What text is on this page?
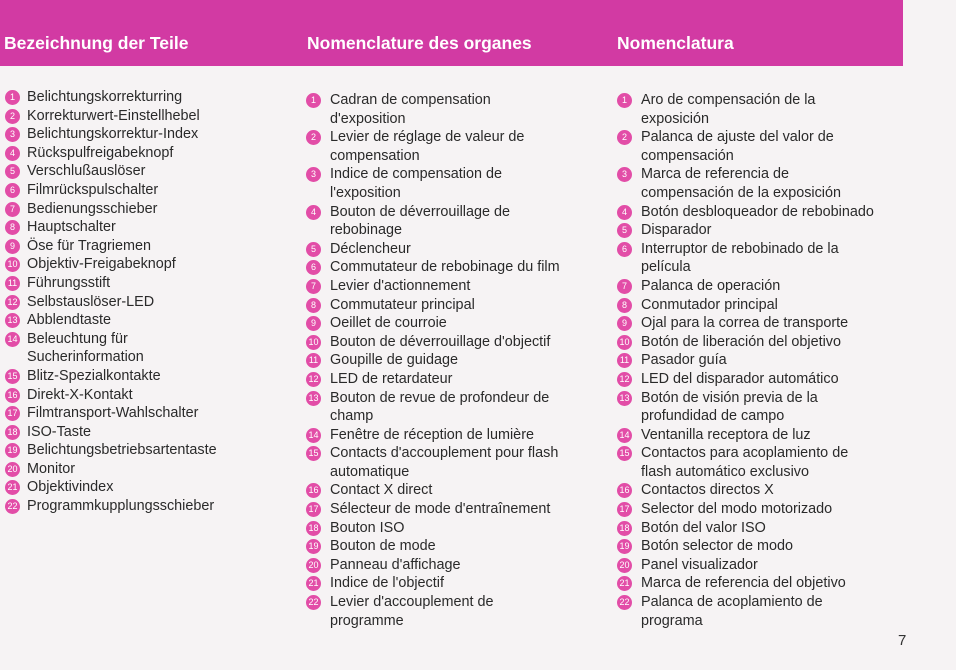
Bezeichnung der Teile	Nomenclature des organes	Nomenclatura
1 Belichtungskorrekturring
2 Korrekturwert-Einstellhebel
3 Belichtungskorrektur-Index
4 Rückspulfreigabeknopf
5 Verschlußauslöser
6 Filmrückspulschalter
7 Bedienungsschieber
8 Hauptschalter
9 Öse für Tragriemen
10 Objektiv-Freigabeknopf
11 Führungsstift
12 Selbstauslöser-LED
13 Abblendtaste
14 Beleuchtung für
Sucherinformation
15 Blitz-Spezialkontakte
16 Direkt-X-Kontakt
17 Filmtransport-Wahlschalter
18 ISO-Taste
19 Belichtungsbetriebsartentaste
20 Monitor
21 Objektivindex
22 Programmkupplungsschieber
1 Cadran de compensation
d'exposition
2 Levier de réglage de valeur de
compensation
3 Indice de compensation de
l'exposition
4 Bouton de déverrouillage de
rebobinage
5 Déclencheur
6 Commutateur de rebobinage du film
7 Levier d'actionnement
8 Commutateur principal
9 Oeillet de courroie
10 Bouton de déverrouillage d'objectif
11 Goupille de guidage
12 LED de retardateur
13 Bouton de revue de profondeur de
champ
14 Fenêtre de réception de lumière
15 Contacts d'accouplement pour flash
automatique
16 Contact X direct
17 Sélecteur de mode d'entraînement
18 Bouton ISO
19 Bouton de mode
20 Panneau d'affichage
21 Indice de l'objectif
22 Levier d'accouplement de
programme
1 Aro de compensación de la
exposición
2 Palanca de ajuste del valor de
compensación
3 Marca de referencia de
compensación de la exposición
4 Botón desbloqueador de rebobinado
5 Disparador
6 Interruptor de rebobinado de la
película
7 Palanca de operación
8 Conmutador principal
9 Ojal para la correa de transporte
10 Botón de liberación del objetivo
11 Pasador guía
12 LED del disparador automático
13 Botón de visión previa de la
profundidad de campo
14 Ventanilla receptora de luz
15 Contactos para acoplamiento de
flash automático exclusivo
16 Contactos directos X
17 Selector del modo motorizado
18 Botón del valor ISO
19 Botón selector de modo
20 Panel visualizador
21 Marca de referencia del objetivo
22 Palanca de acoplamiento de
programa
7
